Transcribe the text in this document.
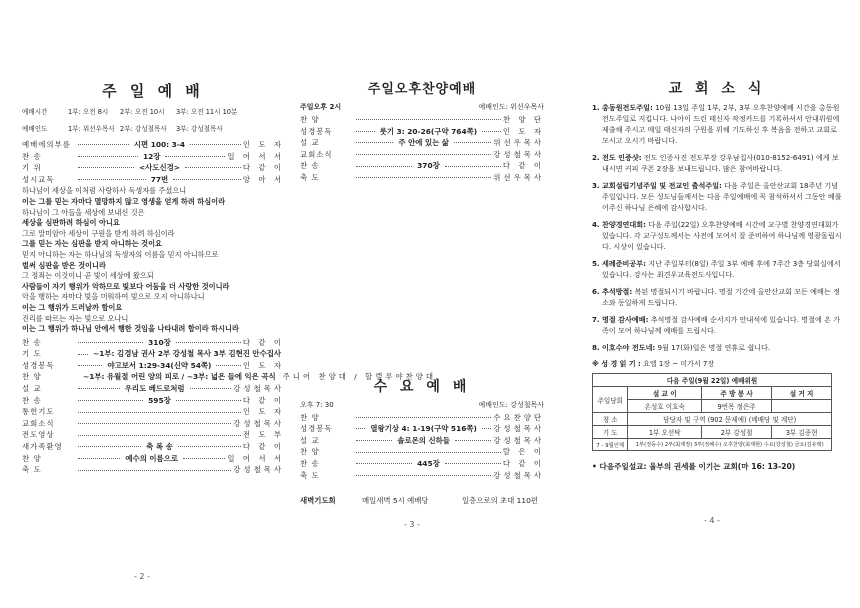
주 일 예 배
예배시간	1부: 오전 8시	2부: 오전 10시	3부: 오전 11시 10분
예배인도	1부: 위선우목사 2부: 강성철목사	3부: 강성철목사
예배에의부름	시편 100: 3-4	인 도 자
찬 송	12장	일 어 서 서
기 위	<사도신경>	다 같 이
성시교독	77번	앙 아 서
하나님이 세상을 이처럼 사랑하사 독생자를 주셨으니
이는 그를 믿는 자마다 멸망하지 않고 영생을 얻게 하려 하심이라
하나님이 그 아들을 세상에 보내신 것은
세상을 심판하려 하심이 아니요
그로 말미암아 세상이 구원을 받게 하려 하심이라
그를 믿는 자는 심판을 받지 아니하는 것이요
믿지 아니하는 자는 하나님의 독생자의 이름을 믿지 아니하므로
벌써 심판을 받은 것이니라
그 정죄는 이것이니 곧 빛이 세상에 왔으되
사람들이 자기 행위가 악하므로 빛보다 어둠을 더 사랑한 것이니라
악을 행하는 자마다 빛을 미워하여 빛으로 오지 아니하나니
이는 그 행위가 드러날까 함이요
진리를 따르는 자는 빛으로 오나니
이는 그 행위가 하나님 안에서 행한 것임을 나타내려 함이라 하시니라
찬 송	310장	다 같 이
기 도	~1부: 김경남 권사 2부 강성철 목사 3부 김현진 안수집사
성경봉독	야고보서 1:29-34(신약 54쪽)	인 도 자
찬 양	~1부: 유월절 어린 양의 피로 / ~3부: 넓은 들에 익은 곡식 주니어 찬양대 / 할렐루야찬양대
설 교	우리도 베드로처럼	강성철목사
찬 송	595장	다 같 이
통헌기도	인 도 자
교회소식	강성철목사
전도영상	전 도 부
새가족환영	축 복 송	다 같 이
찬 양	예수의 이름으로	일 어 서 서
축 도	강성철목사
- 2 -
주일오후찬양예배
주일오후 2시	예배인도: 위선우목사
찬 양	찬 양 단
성경봉독	룻기 3: 20-26(구약 764쪽)	인 도 자
설 교	주 안에 있는 삶	위선우목사
교회소식	강성철목사
찬 송	370장	다 같 이
축 도	위선우목사
수 요 예 배
오후 7: 30	예배인도: 강성철목사
찬 양	수요찬양단
성경봉독	열왕기상 4: 1-19(구약 516쪽)	강성철목사
설 교	솔로몬의 신하들	강성철목사
찬 양	랄 은 이
찬 송	445장	다 같 이
축 도	강성철목사
새벽기도회	매일새벽 5시 예배당	일층으로의 초대 110편
- 3 -
교 회 소 식
1. 총동원전도주일: 10월 13일 주일 1부, 2부, 3부 오후찬양예배 시간을 총동원전도주일로 지킵니다. 나아이 드린 태신자 작정카드를 기록하셔서 안내위원에 제출해 주시고 매일 태신자의 구원을 위해 기도하신 후 복음을 전하고 교회로 모시고 오시기 바랍니다.
2. 전도 인증샷: 전도 인증사진 전도부장 강우남집사(010-8152-6491) 에게 보내시면 커피 쿠폰 2장을 보내드립니다. 많은 참여바랍니다.
3. 교회설립기념주일 및 전교인 출석주일: 다음 주일은 올안산교회 18주년 기념주일입니다. 모든 성도님들께서는 다음 주일예배에 꼭 참석하셔서 그동안 베풀어주신 하나님 은혜에 감사합시다.
4. 찬양경연대회: 다음 주일(22일) 오후찬양예배 시간에 교구별 찬양경연대회가 있습니다. 각 교구성도께서는 사전에 모여서 잘 준비하여 하나님께 영광돌립시다. 시상이 있습니다.
5. 세례준비공부: 지난 주일부터(8일) 주일 3부 예배 후에 7주간 3층 당회실에서 있습니다. 강사는 최견우교육전도사입니다.
6. 추석방절: 복된 명절되시기 바랍니다. 명절 기간에 올안산교회 모든 예배는 정소와 동일하게 드립니다.
7. 명절 감사예배: 추석명절 감사예배 순서지가 안내석에 있습니다. 명절에 온 가족이 모여 하나님께 예배를 드립시다.
8. 이호수야 전도네: 9월 17(화)일은 명절 연휴로 쉽니다.
※ 성 경 읽 기 : 요엘 1장 ~ 미가서 7장
다음 주일(9월 22일) 예배위원			
주일당회	설 교 이	주 방 봉 사	설 거 지
	온성호 이호숙	9번목 정은주	
청 소	담당자 및 구역 (902 문제예) (메배당 및 계단)		
기 도	1부 오선탁	2부 강성철	3부 김종현
7 - 9월인체	1부(정동수) 2부(최재정) 3부(정해수) 오후찬양(최재현) 수요(강성철) 금요(김유택)		
• 다음주일설교: 율부의 권세를 이기는 교회(마 16: 13-20)
- 4 -
